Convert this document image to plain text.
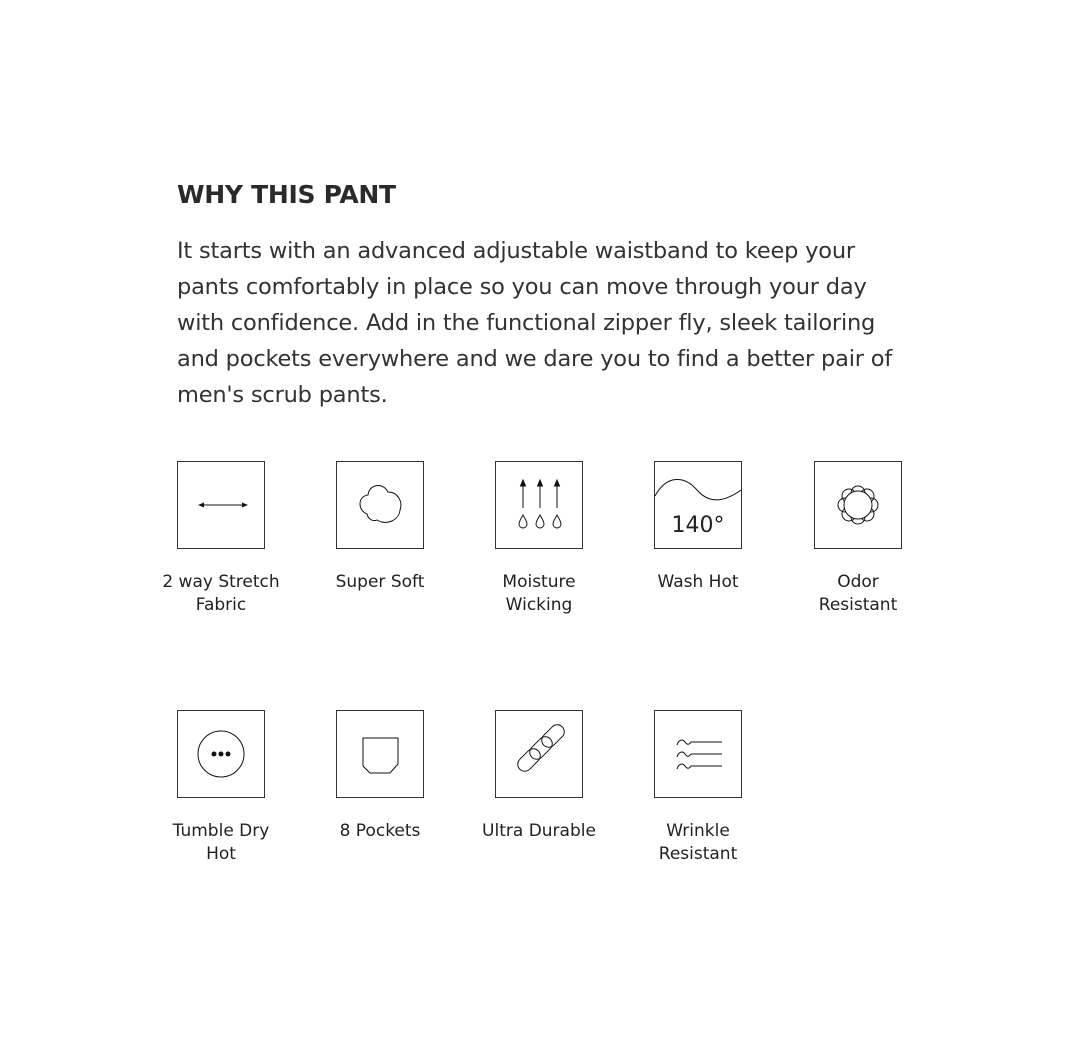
WHY THIS PANT
It starts with an advanced adjustable waistband to keep your pants comfortably in place so you can move through your day with confidence. Add in the functional zipper fly, sleek tailoring and pockets everywhere and we dare you to find a better pair of men's scrub pants.
2 way Stretch Fabric
Super Soft	Moisture Wicking
140°
Wash Hot	Odor Resistant
Tumble Dry Hot
8 Pockets	Ultra Durable	Wrinkle Resistant
